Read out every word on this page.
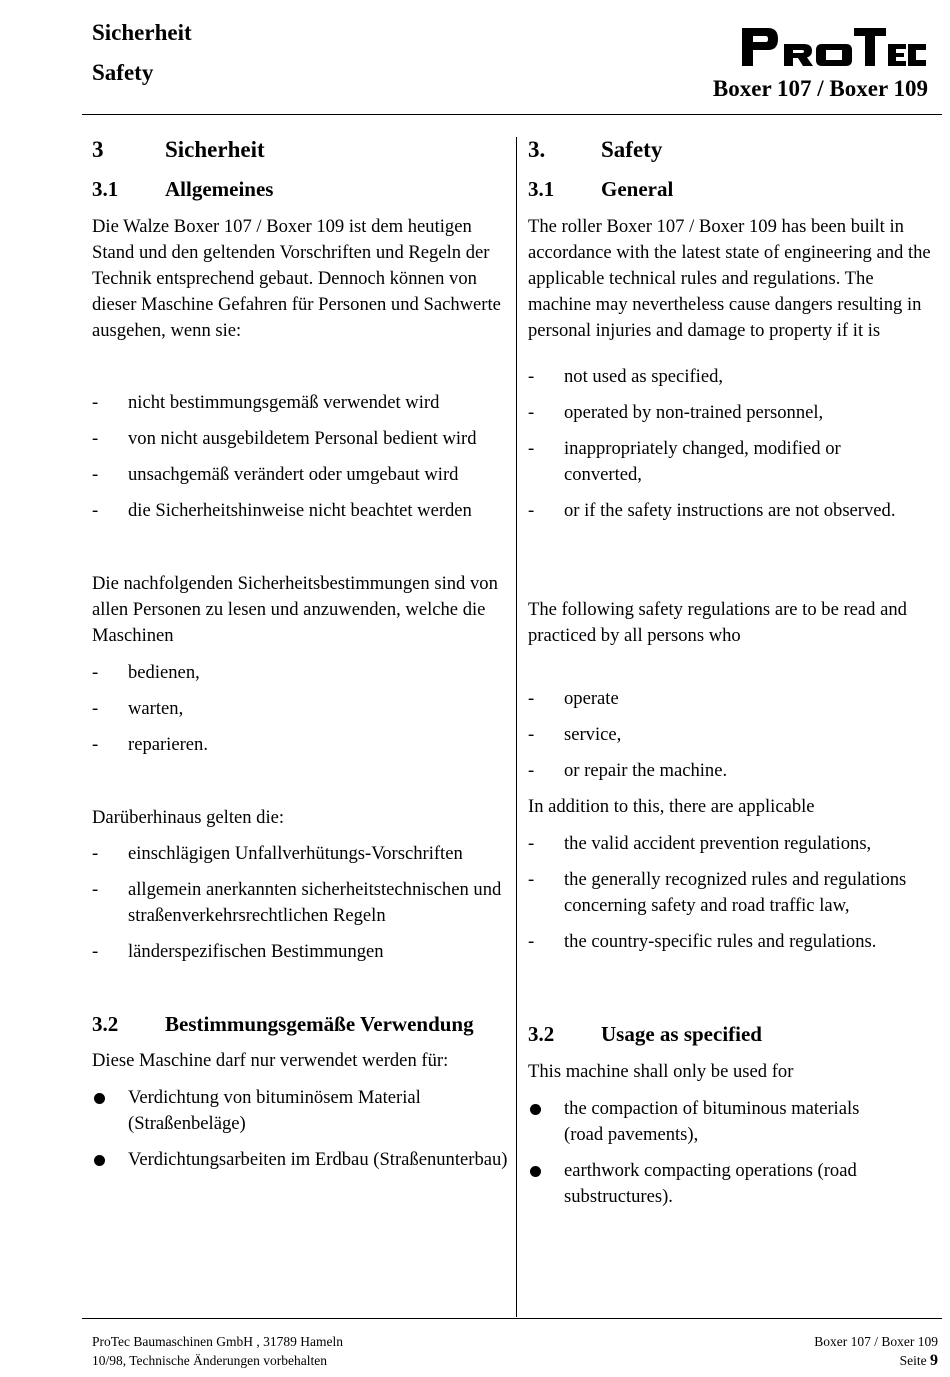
Sicherheit
Safety
Boxer 107 / Boxer 109
3	Sicherheit
3.1 Allgemeines
Die Walze Boxer 107 / Boxer 109 ist dem heutigen Stand und den geltenden Vorschriften und Regeln der Technik entsprechend gebaut. Dennoch können von dieser Maschine Gefahren für Personen und Sachwerte ausgehen, wenn sie:
- nicht bestimmungsgemäß verwendet wird
- von nicht ausgebildetem Personal bedient wird
- unsachgemäß verändert oder umgebaut wird
- die Sicherheitshinweise nicht beachtet werden
Die nachfolgenden Sicherheitsbestimmungen sind von allen Personen zu lesen und anzuwenden, welche die Maschinen
- bedienen,
- warten,
- reparieren.
Darüberhinaus gelten die:
- einschlägigen Unfallverhütungs-Vorschriften
- allgemein anerkannten sicherheitstechnischen und straßenverkehrsrechtlichen Regeln
- länderspezifischen Bestimmungen
3.2 Bestimmungsgemäße Verwendung
Diese Maschine darf nur verwendet werden für:
Verdichtung von bituminösem Material (Straßenbeläge)
Verdichtungsarbeiten im Erdbau (Straßenunterbau)
3. Safety
3.1 General
The roller Boxer 107 / Boxer 109 has been built in accordance with the latest state of engineering and the applicable technical rules and regulations. The machine may nevertheless cause dangers resulting in personal injuries and damage to property if it is
- not used as specified,
- operated by non-trained personnel,
- inappropriately changed, modified or converted,
- or if the safety instructions are not observed.
The following safety regulations are to be read and practiced by all persons who
- operate
- service,
- or repair the machine.
In addition to this, there are applicable
- the valid accident prevention regulations,
- the generally recognized rules and regulations concerning safety and road traffic law,
- the country-specific rules and regulations.
3.2 Usage as specified
This machine shall only be used for
the compaction of bituminous materials (road pavements),
earthwork compacting operations (road substructures).
ProTec Baumaschinen GmbH , 31789 Hameln
10/98, Technische Änderungen vorbehalten
Boxer 107 / Boxer 109
Seite 9
